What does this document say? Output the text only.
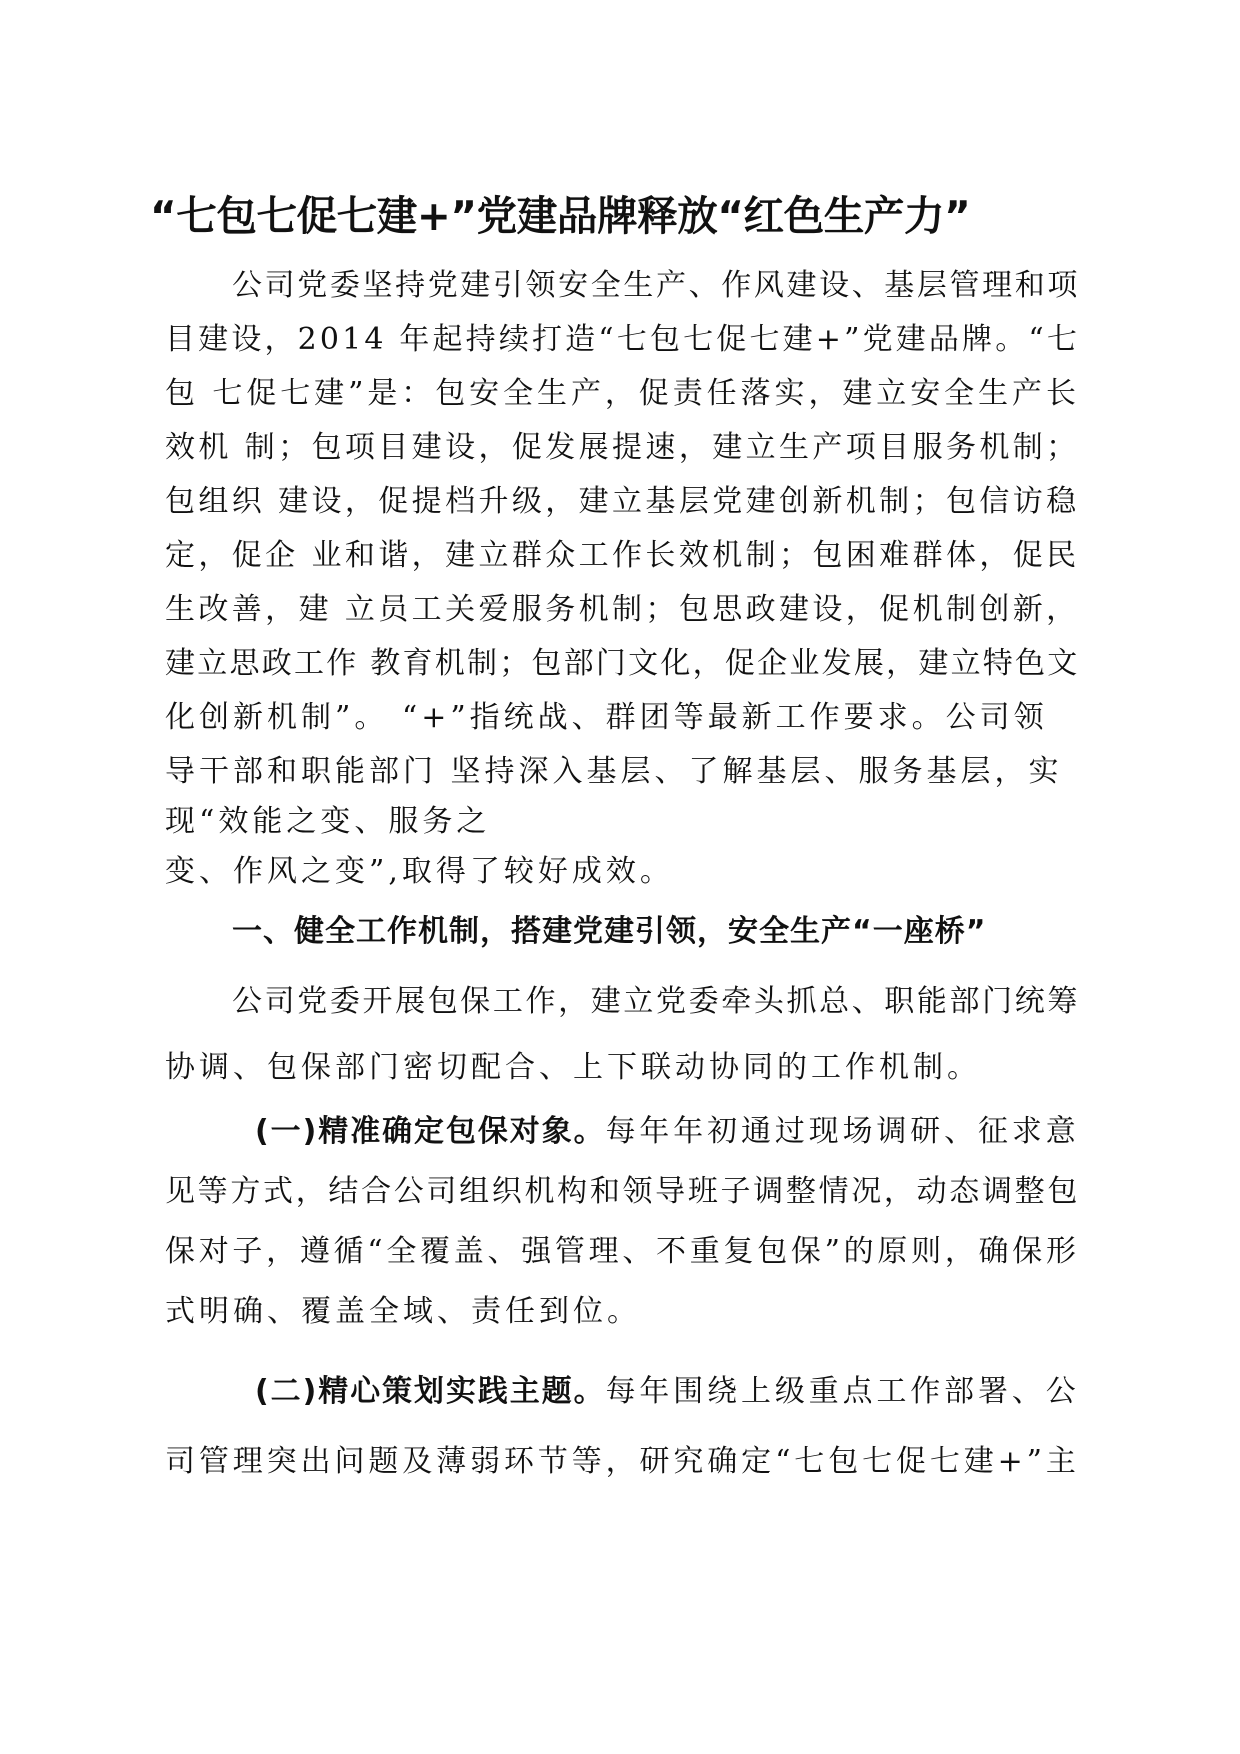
“七包七促七建+”党建品牌释放“红色生产力”

公司党委坚持党建引领安全生产、作风建设、基层管理和项

目建设，2014 年起持续打造“七包七促七建+”党建品牌。“七

包 七促七建”是：包安全生产，促责任落实，建立安全生产长

效机 制；包项目建设，促发展提速，建立生产项目服务机制；

包组织 建设，促提档升级，建立基层党建创新机制；包信访稳

定，促企 业和谐，建立群众工作长效机制；包困难群体，促民

生改善，建 立员工关爱服务机制；包思政建设，促机制创新，

建立思政工作 教育机制；包部门文化，促企业发展，建立特色文

化创新机制”。 “+”指统战、群团等最新工作要求。公司领

导干部和职能部门 坚持深入基层、了解基层、服务基层，实

现“效能之变、服务之

变、作风之变”,取得了较好成效。

一、健全工作机制，搭建党建引领，安全生产“一座桥”

公司党委开展包保工作，建立党委牵头抓总、职能部门统筹

协调、包保部门密切配合、上下联动协同的工作机制。

(一)精准确定包保对象。每年年初通过现场调研、征求意

见等方式，结合公司组织机构和领导班子调整情况，动态调整包

保对子，遵循“全覆盖、强管理、不重复包保”的原则，确保形

式明确、覆盖全域、责任到位。

(二)精心策划实践主题。每年围绕上级重点工作部署、公

司管理突出问题及薄弱环节等，研究确定“七包七促七建+”主
